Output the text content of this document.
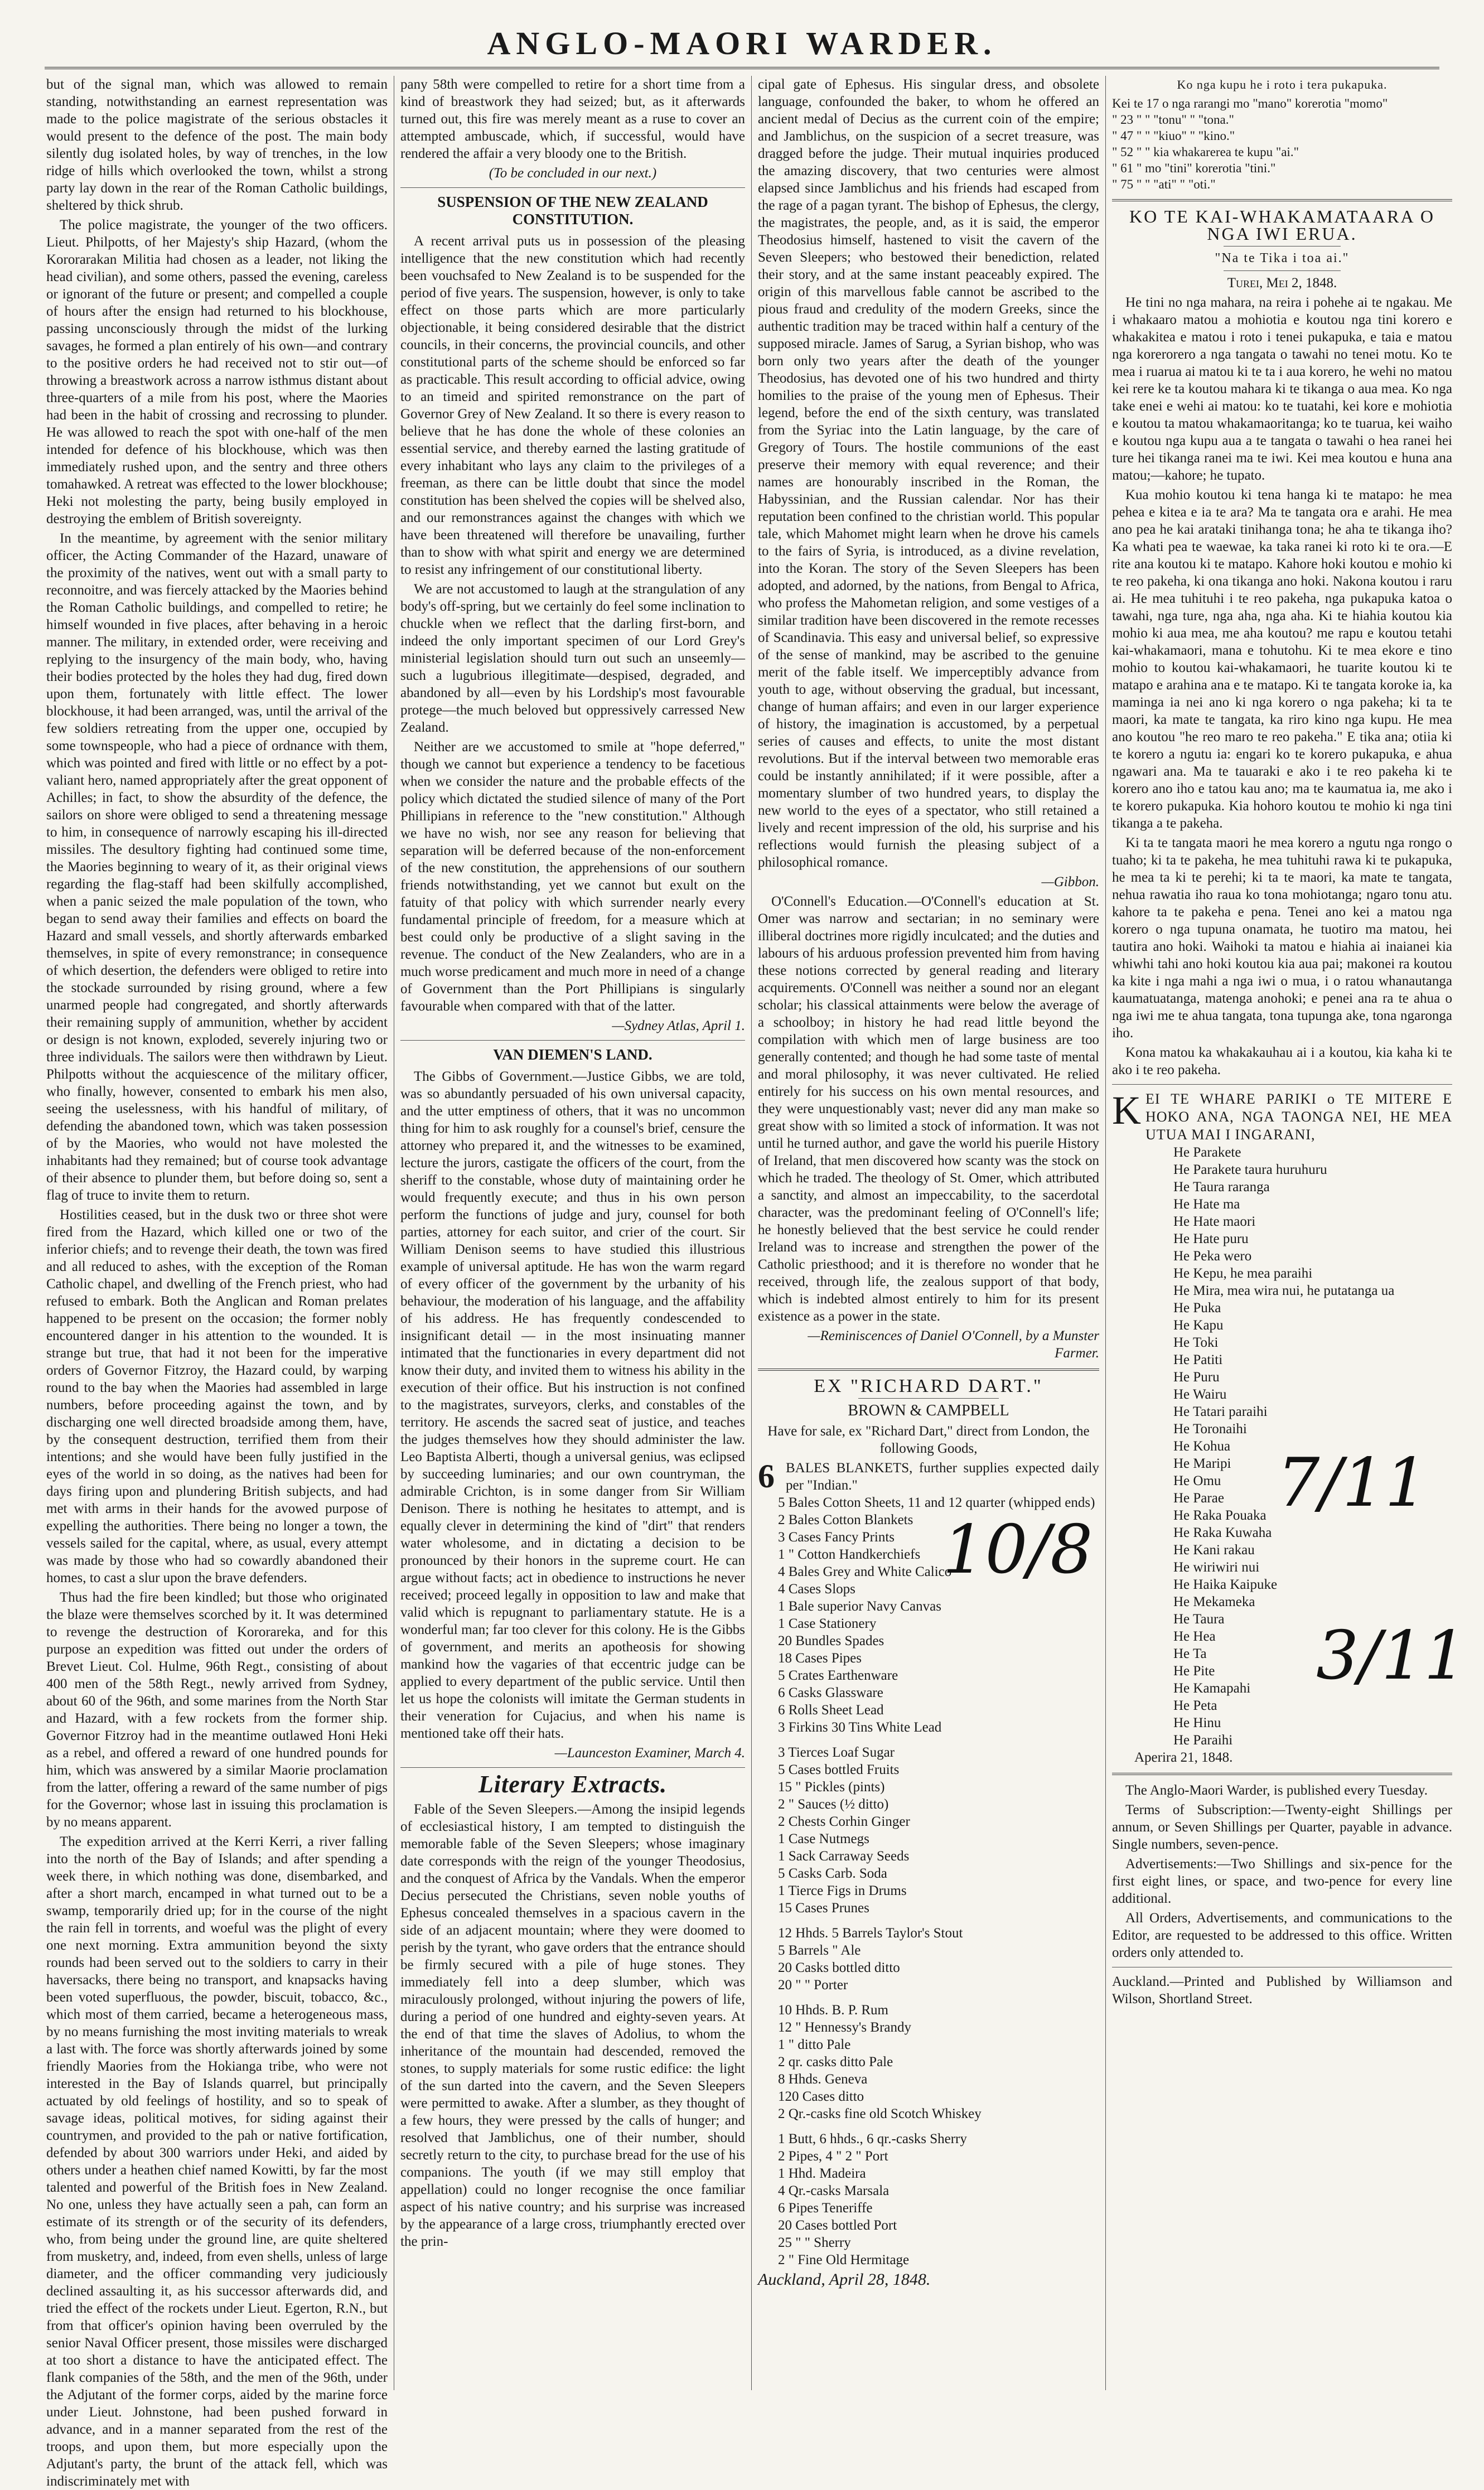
ANGLO-MAORI WARDER.

but of the signal man, which was allowed to remain standing, notwithstanding an earnest representation was made to the police magistrate of the serious obstacles it would present to the defence of the post. The main body silently dug isolated holes, by way of trenches, in the low ridge of hills which overlooked the town, whilst a strong party lay down in the rear of the Roman Catholic buildings, sheltered by thick shrub.

The police magistrate, the younger of the two officers. Lieut. Philpotts, of her Majesty's ship Hazard, (whom the Kororarakan Militia had chosen as a leader, not liking the head civilian), and some others, passed the evening, careless or ignorant of the future or present; and compelled a couple of hours after the ensign had returned to his blockhouse, passing unconsciously through the midst of the lurking savages, he formed a plan entirely of his own—and contrary to the positive orders he had received not to stir out—of throwing a breastwork across a narrow isthmus distant about three-quarters of a mile from his post, where the Maories had been in the habit of crossing and recrossing to plunder. He was allowed to reach the spot with one-half of the men intended for defence of his blockhouse, which was then immediately rushed upon, and the sentry and three others tomahawked. A retreat was effected to the lower blockhouse; Heki not molesting the party, being busily employed in destroying the emblem of British sovereignty.

In the meantime, by agreement with the senior military officer, the Acting Commander of the Hazard, unaware of the proximity of the natives, went out with a small party to reconnoitre, and was fiercely attacked by the Maories behind the Roman Catholic buildings, and compelled to retire; he himself wounded in five places, after behaving in a heroic manner. The military, in extended order, were receiving and replying to the insurgency of the main body, who, having their bodies protected by the holes they had dug, fired down upon them, fortunately with little effect. The lower blockhouse, it had been arranged, was, until the arrival of the few soldiers retreating from the upper one, occupied by some townspeople, who had a piece of ordnance with them, which was pointed and fired with little or no effect by a pot-valiant hero, named appropriately after the great opponent of Achilles; in fact, to show the absurdity of the defence, the sailors on shore were obliged to send a threatening message to him, in consequence of narrowly escaping his ill-directed missiles. The desultory fighting had continued some time, the Maories beginning to weary of it, as their original views regarding the flag-staff had been skilfully accomplished, when a panic seized the male population of the town, who began to send away their families and effects on board the Hazard and small vessels, and shortly afterwards embarked themselves, in spite of every remonstrance; in consequence of which desertion, the defenders were obliged to retire into the stockade surrounded by rising ground, where a few unarmed people had congregated, and shortly afterwards their remaining supply of ammunition, whether by accident or design is not known, exploded, severely injuring two or three individuals. The sailors were then withdrawn by Lieut. Philpotts without the acquiescence of the military officer, who finally, however, consented to embark his men also, seeing the uselessness, with his handful of military, of defending the abandoned town, which was taken possession of by the Maories, who would not have molested the inhabitants had they remained; but of course took advantage of their absence to plunder them, but before doing so, sent a flag of truce to invite them to return.

Hostilities ceased, but in the dusk two or three shot were fired from the Hazard, which killed one or two of the inferior chiefs; and to revenge their death, the town was fired and all reduced to ashes, with the exception of the Roman Catholic chapel, and dwelling of the French priest, who had refused to embark. Both the Anglican and Roman prelates happened to be present on the occasion; the former nobly encountered danger in his attention to the wounded. It is strange but true, that had it not been for the imperative orders of Governor Fitzroy, the Hazard could, by warping round to the bay when the Maories had assembled in large numbers, before proceeding against the town, and by discharging one well directed broadside among them, have, by the consequent destruction, terrified them from their intentions; and she would have been fully justified in the eyes of the world in so doing, as the natives had been for days firing upon and plundering British subjects, and had met with arms in their hands for the avowed purpose of expelling the authorities. There being no longer a town, the vessels sailed for the capital, where, as usual, every attempt was made by those who had so cowardly abandoned their homes, to cast a slur upon the brave defenders.

Thus had the fire been kindled; but those who originated the blaze were themselves scorched by it. It was determined to revenge the destruction of Kororareka, and for this purpose an expedition was fitted out under the orders of Brevet Lieut. Col. Hulme, 96th Regt., consisting of about 400 men of the 58th Regt., newly arrived from Sydney, about 60 of the 96th, and some marines from the North Star and Hazard, with a few rockets from the former ship. Governor Fitzroy had in the meantime outlawed Honi Heki as a rebel, and offered a reward of one hundred pounds for him, which was answered by a similar Maorie proclamation from the latter, offering a reward of the same number of pigs for the Governor; whose last in issuing this proclamation is by no means apparent.

The expedition arrived at the Kerri Kerri, a river falling into the north of the Bay of Islands; and after spending a week there, in which nothing was done, disembarked, and after a short march, encamped in what turned out to be a swamp, temporarily dried up; for in the course of the night the rain fell in torrents, and woeful was the plight of every one next morning. Extra ammunition beyond the sixty rounds had been served out to the soldiers to carry in their haversacks, there being no transport, and knapsacks having been voted superfluous, the powder, biscuit, tobacco, &c., which most of them carried, became a heterogeneous mass, by no means furnishing the most inviting materials to wreak a last with. The force was shortly afterwards joined by some friendly Maories from the Hokianga tribe, who were not interested in the Bay of Islands quarrel, but principally actuated by old feelings of hostility, and so to speak of savage ideas, political motives, for siding against their countrymen, and provided to the pah or native fortification, defended by about 300 warriors under Heki, and aided by others under a heathen chief named Kowitti, by far the most talented and powerful of the British foes in New Zealand. No one, unless they have actually seen a pah, can form an estimate of its strength or of the security of its defenders, who, from being under the ground line, are quite sheltered from musketry, and, indeed, from even shells, unless of large diameter, and the officer commanding very judiciously declined assaulting it, as his successor afterwards did, and tried the effect of the rockets under Lieut. Egerton, R.N., but from that officer's opinion having been overruled by the senior Naval Officer present, those missiles were discharged at too short a distance to have the anticipated effect. The flank companies of the 58th, and the men of the 96th, under the Adjutant of the former corps, aided by the marine force under Lieut. Johnstone, had been pushed forward in advance, and in a manner separated from the rest of the troops, and upon them, but more especially upon the Adjutant's party, the brunt of the attack fell, which was indiscriminately met with

pany 58th were compelled to retire for a short time from a kind of breastwork they had seized; but, as it afterwards turned out, this fire was merely meant as a ruse to cover an attempted ambuscade, which, if successful, would have rendered the affair a very bloody one to the British.

(To be concluded in our next.)

SUSPENSION OF THE NEW ZEALAND CONSTITUTION.

A recent arrival puts us in possession of the pleasing intelligence that the new constitution which had recently been vouchsafed to New Zealand is to be suspended for the period of five years. The suspension, however, is only to take effect on those parts which are more particularly objectionable, it being considered desirable that the district councils, in their concerns, the provincial councils, and other constitutional parts of the scheme should be enforced so far as practicable. This result according to official advice, owing to an timeid and spirited remonstrance on the part of Governor Grey of New Zealand. It so there is every reason to believe that he has done the whole of these colonies an essential service, and thereby earned the lasting gratitude of every inhabitant who lays any claim to the privileges of a freeman, as there can be little doubt that since the model constitution has been shelved the copies will be shelved also, and our remonstrances against the changes with which we have been threatened will therefore be unavailing, further than to show with what spirit and energy we are determined to resist any infringement of our constitutional liberty.

We are not accustomed to laugh at the strangulation of any body's off-spring, but we certainly do feel some inclination to chuckle when we reflect that the darling first-born, and indeed the only important specimen of our Lord Grey's ministerial legislation should turn out such an unseemly—such a lugubrious illegitimate—despised, degraded, and abandoned by all—even by his Lordship's most favourable protege—the much beloved but oppressively carressed New Zealand.

Neither are we accustomed to smile at "hope deferred," though we cannot but experience a tendency to be facetious when we consider the nature and the probable effects of the policy which dictated the studied silence of many of the Port Phillipians in reference to the "new constitution." Although we have no wish, nor see any reason for believing that separation will be deferred because of the non-enforcement of the new constitution, the apprehensions of our southern friends notwithstanding, yet we cannot but exult on the fatuity of that policy with which surrender nearly every fundamental principle of freedom, for a measure which at best could only be productive of a slight saving in the revenue. The conduct of the New Zealanders, who are in a much worse predicament and much more in need of a change of Government than the Port Phillipians is singularly favourable when compared with that of the latter.

—Sydney Atlas, April 1.

VAN DIEMEN'S LAND.

The Gibbs of Government.—Justice Gibbs, we are told, was so abundantly persuaded of his own universal capacity, and the utter emptiness of others, that it was no uncommon thing for him to ask roughly for a counsel's brief, censure the attorney who prepared it, and the witnesses to be examined, lecture the jurors, castigate the officers of the court, from the sheriff to the constable, whose duty of maintaining order he would frequently execute; and thus in his own person perform the functions of judge and jury, counsel for both parties, attorney for each suitor, and crier of the court. Sir William Denison seems to have studied this illustrious example of universal aptitude. He has won the warm regard of every officer of the government by the urbanity of his behaviour, the moderation of his language, and the affability of his address. He has frequently condescended to insignificant detail — in the most insinuating manner intimated that the functionaries in every department did not know their duty, and invited them to witness his ability in the execution of their office. But his instruction is not confined to the magistrates, surveyors, clerks, and constables of the territory. He ascends the sacred seat of justice, and teaches the judges themselves how they should administer the law. Leo Baptista Alberti, though a universal genius, was eclipsed by succeeding luminaries; and our own countryman, the admirable Crichton, is in some danger from Sir William Denison. There is nothing he hesitates to attempt, and is equally clever in determining the kind of "dirt" that renders water wholesome, and in dictating a decision to be pronounced by their honors in the supreme court. He can argue without facts; act in obedience to instructions he never received; proceed legally in opposition to law and make that valid which is repugnant to parliamentary statute. He is a wonderful man; far too clever for this colony. He is the Gibbs of government, and merits an apotheosis for showing mankind how the vagaries of that eccentric judge can be applied to every department of the public service. Until then let us hope the colonists will imitate the German students in their veneration for Cujacius, and when his name is mentioned take off their hats.

—Launceston Examiner, March 4.

Literary Extracts.

Fable of the Seven Sleepers.—Among the insipid legends of ecclesiastical history, I am tempted to distinguish the memorable fable of the Seven Sleepers; whose imaginary date corresponds with the reign of the younger Theodosius, and the conquest of Africa by the Vandals. When the emperor Decius persecuted the Christians, seven noble youths of Ephesus concealed themselves in a spacious cavern in the side of an adjacent mountain; where they were doomed to perish by the tyrant, who gave orders that the entrance should be firmly secured with a pile of huge stones. They immediately fell into a deep slumber, which was miraculously prolonged, without injuring the powers of life, during a period of one hundred and eighty-seven years. At the end of that time the slaves of Adolius, to whom the inheritance of the mountain had descended, removed the stones, to supply materials for some rustic edifice: the light of the sun darted into the cavern, and the Seven Sleepers were permitted to awake. After a slumber, as they thought of a few hours, they were pressed by the calls of hunger; and resolved that Jamblichus, one of their number, should secretly return to the city, to purchase bread for the use of his companions. The youth (if we may still employ that appellation) could no longer recognise the once familiar aspect of his native country; and his surprise was increased by the appearance of a large cross, triumphantly erected over the prin-

cipal gate of Ephesus. His singular dress, and obsolete language, confounded the baker, to whom he offered an ancient medal of Decius as the current coin of the empire; and Jamblichus, on the suspicion of a secret treasure, was dragged before the judge. Their mutual inquiries produced the amazing discovery, that two centuries were almost elapsed since Jamblichus and his friends had escaped from the rage of a pagan tyrant. The bishop of Ephesus, the clergy, the magistrates, the people, and, as it is said, the emperor Theodosius himself, hastened to visit the cavern of the Seven Sleepers; who bestowed their benediction, related their story, and at the same instant peaceably expired. The origin of this marvellous fable cannot be ascribed to the pious fraud and credulity of the modern Greeks, since the authentic tradition may be traced within half a century of the supposed miracle. James of Sarug, a Syrian bishop, who was born only two years after the death of the younger Theodosius, has devoted one of his two hundred and thirty homilies to the praise of the young men of Ephesus. Their legend, before the end of the sixth century, was translated from the Syriac into the Latin language, by the care of Gregory of Tours. The hostile communions of the east preserve their memory with equal reverence; and their names are honourably inscribed in the Roman, the Habyssinian, and the Russian calendar. Nor has their reputation been confined to the christian world. This popular tale, which Mahomet might learn when he drove his camels to the fairs of Syria, is introduced, as a divine revelation, into the Koran. The story of the Seven Sleepers has been adopted, and adorned, by the nations, from Bengal to Africa, who profess the Mahometan religion, and some vestiges of a similar tradition have been discovered in the remote recesses of Scandinavia. This easy and universal belief, so expressive of the sense of mankind, may be ascribed to the genuine merit of the fable itself. We imperceptibly advance from youth to age, without observing the gradual, but incessant, change of human affairs; and even in our larger experience of history, the imagination is accustomed, by a perpetual series of causes and effects, to unite the most distant revolutions. But if the interval between two memorable eras could be instantly annihilated; if it were possible, after a momentary slumber of two hundred years, to display the new world to the eyes of a spectator, who still retained a lively and recent impression of the old, his surprise and his reflections would furnish the pleasing subject of a philosophical romance.

—Gibbon.

O'Connell's Education.—O'Connell's education at St. Omer was narrow and sectarian; in no seminary were illiberal doctrines more rigidly inculcated; and the duties and labours of his arduous profession prevented him from having these notions corrected by general reading and literary acquirements. O'Connell was neither a sound nor an elegant scholar; his classical attainments were below the average of a schoolboy; in history he had read little beyond the compilation with which men of large business are too generally contented; and though he had some taste of mental and moral philosophy, it was never cultivated. He relied entirely for his success on his own mental resources, and they were unquestionably vast; never did any man make so great show with so limited a stock of information. It was not until he turned author, and gave the world his puerile History of Ireland, that men discovered how scanty was the stock on which he traded. The theology of St. Omer, which attributed a sanctity, and almost an impeccability, to the sacerdotal character, was the predominant feeling of O'Connell's life; he honestly believed that the best service he could render Ireland was to increase and strengthen the power of the Catholic priesthood; and it is therefore no wonder that he received, through life, the zealous support of that body, which is indebted almost entirely to him for its present existence as a power in the state.

—Reminiscences of Daniel O'Connell, by a Munster Farmer.

EX "RICHARD DART."
BROWN & CAMPBELL

Have for sale, ex "Richard Dart," direct from London, the following Goods,

6 BALES BLANKETS, further supplies expected daily per "Indian."
5 Bales Cotton Sheets, 11 and 12 quarter (whipped ends)
2 Bales Cotton Blankets
3 Cases Fancy Prints
1 " Cotton Handkerchiefs
4 Bales Grey and White Calico
4 Cases Slops
1 Bale superior Navy Canvas
1 Case Stationery
20 Bundles Spades
18 Cases Pipes
5 Crates Earthenware
6 Casks Glassware
6 Rolls Sheet Lead
3 Firkins 30 Tins White Lead
3 Tierces Loaf Sugar
5 Cases bottled Fruits
15 " Pickles (pints)
2 " Sauces (½ ditto)
2 Chests Corhin Ginger
1 Case Nutmegs
1 Sack Carraway Seeds
5 Casks Carb. Soda
1 Tierce Figs in Drums
15 Cases Prunes
12 Hhds. 5 Barrels Taylor's Stout
5 Barrels " Ale
20 Casks bottled ditto
20 " " Porter
10 Hhds. B. P. Rum
12 " Hennessy's Brandy
1 " ditto Pale
2 qr. casks ditto Pale
8 Hhds. Geneva
120 Cases ditto
2 Qr.-casks fine old Scotch Whiskey
1 Butt, 6 hhds., 6 qr.-casks Sherry
2 Pipes, 4 " 2 " Port
1 Hhd. Madeira
4 Qr.-casks Marsala
6 Pipes Teneriffe
20 Cases bottled Port
25 " " Sherry
2 " Fine Old Hermitage

Auckland, April 28, 1848.

10/8

Ko nga kupu he i roto i tera pukapuka.

Kei te 17 o nga rarangi mo "mano" korerotia "momo"
" 23 " " "tonu" " "tona."
" 47 " " "kiuo" " "kino."
" 52 " " kia whakarerea te kupu "ai."
" 61 " mo "tini" korerotia "tini."
" 75 " " "ati" " "oti."
KO TE KAI-WHAKAMATAARA O NGA IWI ERUA.

"Na te Tika i toa ai."

Turei, Mei 2, 1848.

He tini no nga mahara, na reira i pohehe ai te ngakau. Me i whakaaro matou a mohiotia e koutou nga tini korero e whakakitea e matou i roto i tenei pukapuka, e taia e matou nga korerorero a nga tangata o tawahi no tenei motu. Ko te mea i ruarua ai matou ki te ta i aua korero, he wehi no matou kei rere ke ta koutou mahara ki te tikanga o aua mea. Ko nga take enei e wehi ai matou: ko te tuatahi, kei kore e mohiotia e koutou ta matou whakamaoritanga; ko te tuarua, kei waiho e koutou nga kupu aua a te tangata o tawahi o hea ranei hei ture hei tikanga ranei ma te iwi. Kei mea koutou e huna ana matou;—kahore; he tupato.

Kua mohio koutou ki tena hanga ki te matapo: he mea pehea e kitea e ia te ara? Ma te tangata ora e arahi. He mea ano pea he kai arataki tinihanga tona; he aha te tikanga iho? Ka whati pea te waewae, ka taka ranei ki roto ki te ora.—E rite ana koutou ki te matapo. Kahore hoki koutou e mohio ki te reo pakeha, ki ona tikanga ano hoki. Nakona koutou i raru ai. He mea tuhituhi i te reo pakeha, nga pukapuka katoa o tawahi, nga ture, nga aha, nga aha. Ki te hiahia koutou kia mohio ki aua mea, me aha koutou? me rapu e koutou tetahi kai-whakamaori, mana e tohutohu. Ki te mea ekore e tino mohio to koutou kai-whakamaori, he tuarite koutou ki te matapo e arahina ana e te matapo. Ki te tangata koroke ia, ka maminga ia nei ano ki nga korero o nga pakeha; ki ta te maori, ka mate te tangata, ka riro kino nga kupu. He mea ano koutou "he reo maro te reo pakeha." E tika ana; otiia ki te korero a ngutu ia: engari ko te korero pukapuka, e ahua ngawari ana. Ma te tauaraki e ako i te reo pakeha ki te korero ano iho e tatou kau ano; ma te kaumatua ia, me ako i te korero pukapuka. Kia hohoro koutou te mohio ki nga tini tikanga a te pakeha.

Ki ta te tangata maori he mea korero a ngutu nga rongo o tuaho; ki ta te pakeha, he mea tuhituhi rawa ki te pukapuka, he mea ta ki te perehi; ki ta te maori, ka mate te tangata, nehua rawatia iho raua ko tona mohiotanga; ngaro tonu atu. kahore ta te pakeha e pena. Tenei ano kei a matou nga korero o nga tupuna onamata, he tuotiro ma matou, hei tautira ano hoki. Waihoki ta matou e hiahia ai inaianei kia whiwhi tahi ano hoki koutou kia aua pai; makonei ra koutou ka kite i nga mahi a nga iwi o mua, i o ratou whanautanga kaumatuatanga, matenga anohoki; e penei ana ra te ahua o nga iwi me te ahua tangata, tona tupunga ake, tona ngaronga iho.

Kona matou ka whakakauhau ai i a koutou, kia kaha ki te ako i te reo pakeha.

K EI TE WHARE PARIKI o TE MITERE E HOKO ANA, NGA TAONGA NEI, HE MEA UTUA MAI I INGARANI,
He Parakete
He Parakete taura huruhuru
He Taura raranga
He Hate ma
He Hate maori
He Hate puru
He Peka wero
He Kepu, he mea paraihi
He Mira, mea wira nui, he putatanga ua
He Puka
He Kapu
He Toki
He Patiti
He Puru
He Wairu
He Tatari paraihi
He Toronaihi
He Kohua
He Maripi
He Omu
He Parae
He Raka Pouaka
He Raka Kuwaha
He Kani rakau
He wiriwiri nui
He Haika Kaipuke
He Mekameka
He Taura
He Hea
He Ta
He Pite
He Kamapahi
He Peta
He Hinu
He Paraihi

Aperira 21, 1848.

The Anglo-Maori Warder, is published every Tuesday.

Terms of Subscription:—Twenty-eight Shillings per annum, or Seven Shillings per Quarter, payable in advance. Single numbers, seven-pence.

Advertisements:—Two Shillings and six-pence for the first eight lines, or space, and two-pence for every line additional.

All Orders, Advertisements, and communications to the Editor, are requested to be addressed to this office. Written orders only attended to.

Auckland.—Printed and Published by Williamson and Wilson, Shortland Street.

7/11
3/11
